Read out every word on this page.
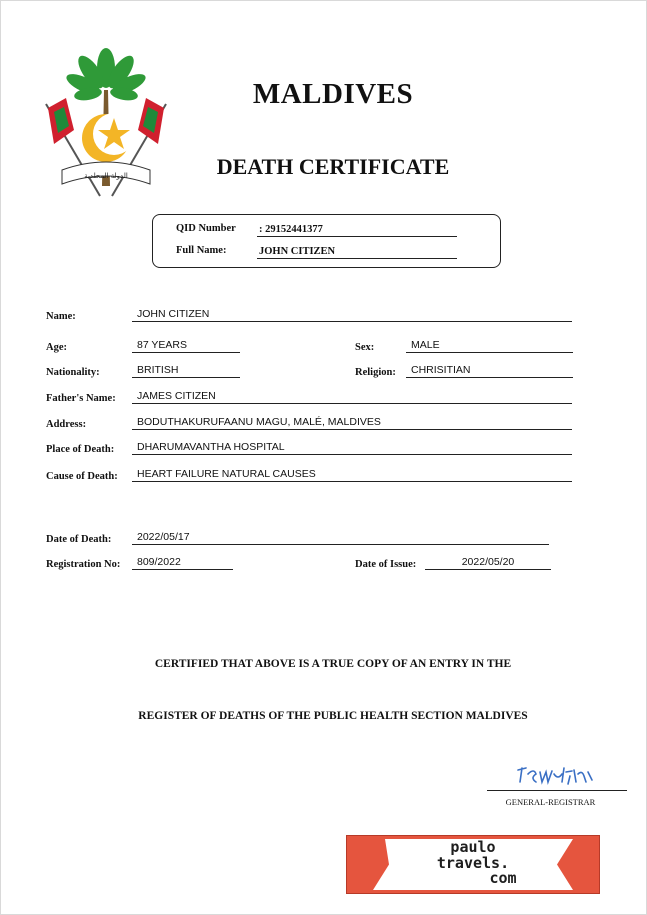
الدولة المحلدية
MALDIVES
DEATH CERTIFICATE
QID Number : 29152441377
Full Name:	JOHN CITIZEN
Name:	JOHN CITIZEN
Age:	87 YEARS	Sex:	MALE
Nationality:	BRITISH	Religion:	CHRISITIAN
Father's Name:	JAMES CITIZEN
Address:	BODUTHAKURUFAANU MAGU, MALÉ, MALDIVES
Place of Death:	DHARUMAVANTHA HOSPITAL
Cause of Death:	HEART FAILURE NATURAL CAUSES
Date of Death:	2022/05/17
Registration No:	809/2022	Date of Issue:	2022/05/20
CERTIFIED THAT ABOVE IS A TRUE COPY OF AN ENTRY IN THE
REGISTER OF DEATHS OF THE PUBLIC HEALTH SECTION MALDIVES
GENERAL-REGISTRAR
paulo
travels.
com
